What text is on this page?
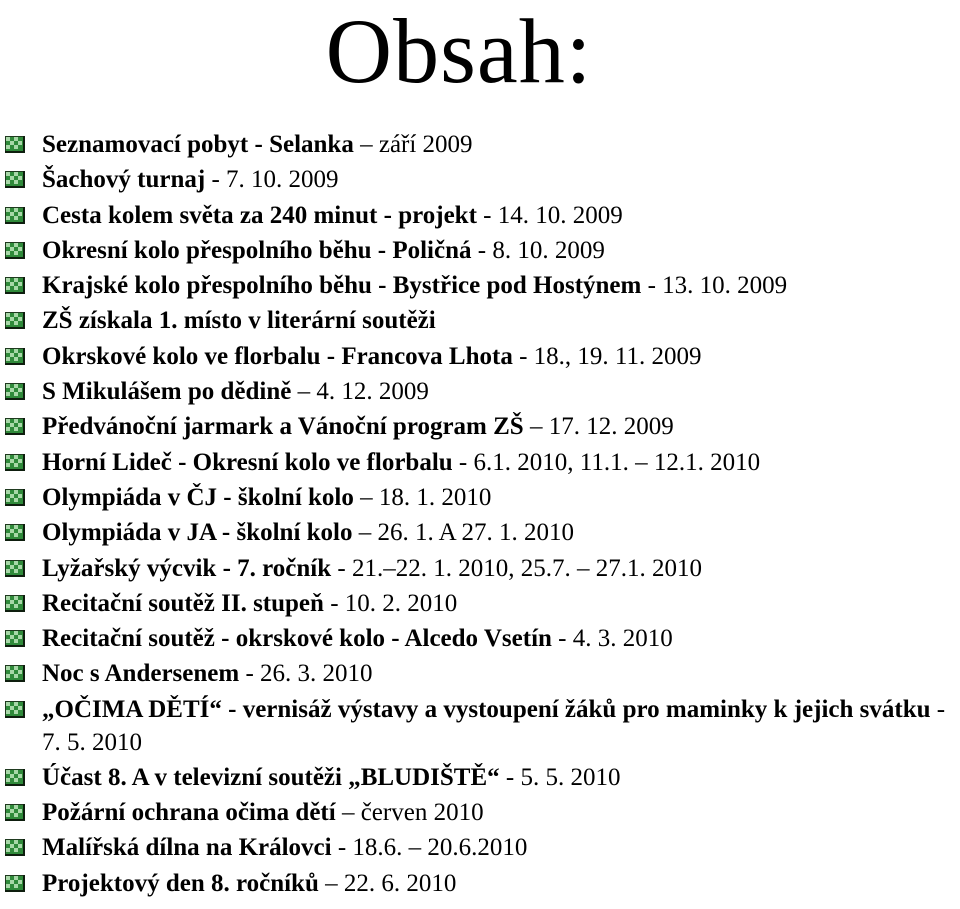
Obsah:
Seznamovací pobyt - Selanka – září 2009
Šachový turnaj - 7. 10. 2009
Cesta kolem světa za 240 minut - projekt - 14. 10. 2009
Okresní kolo přespolního běhu - Poličná - 8. 10. 2009
Krajské kolo přespolního běhu - Bystřice pod Hostýnem - 13. 10. 2009
ZŠ získala 1. místo v literární soutěži
Okrskové kolo ve florbalu - Francova Lhota - 18., 19. 11. 2009
S Mikulášem po dědině – 4. 12. 2009
Předvánoční jarmark a Vánoční program ZŠ – 17. 12. 2009
Horní Lideč - Okresní kolo ve florbalu - 6.1. 2010, 11.1. – 12.1. 2010
Olympiáda v ČJ - školní kolo – 18. 1. 2010
Olympiáda v JA - školní kolo – 26. 1. A 27. 1. 2010
Lyžařský výcvik - 7. ročník - 21.–22. 1. 2010, 25.7. – 27.1. 2010
Recitační soutěž II. stupeň - 10. 2. 2010
Recitační soutěž - okrskové kolo - Alcedo Vsetín - 4. 3. 2010
Noc s Andersenem - 26. 3. 2010
„OČIMA DĚTÍ“ - vernisáž výstavy a vystoupení žáků pro maminky k jejich svátku - 7. 5. 2010
Účast 8. A v televizní soutěži „BLUDIŠTĚ“ - 5. 5. 2010
Požární ochrana očima dětí – červen 2010
Malířská dílna na Královci - 18.6. – 20.6.2010
Projektový den 8. ročníků – 22. 6. 2010
